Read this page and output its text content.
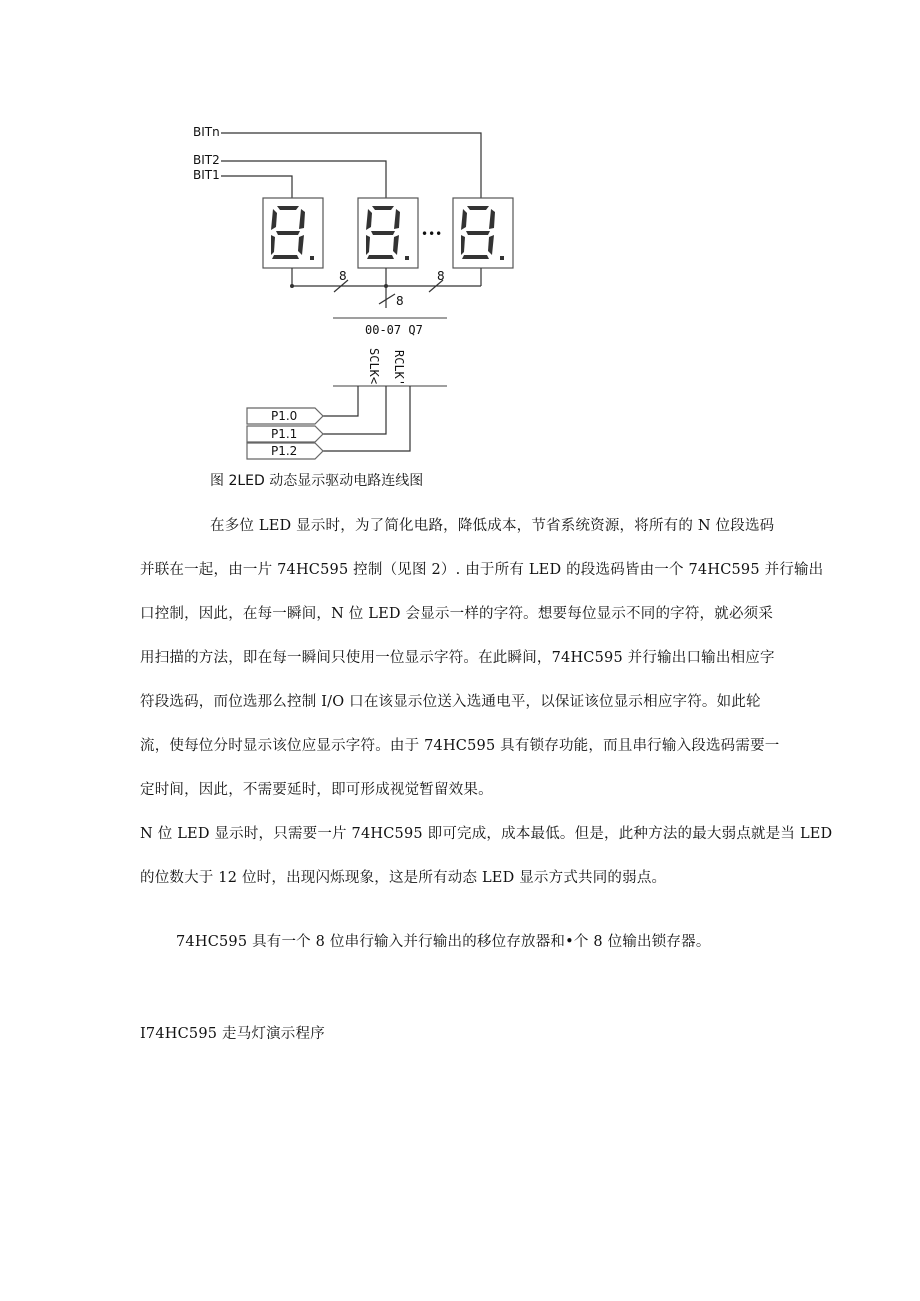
BITn
BIT2
BIT1
•••
8
8
8
00-07 Q7
SCLK< RCLK'
P1.0
P1.1
P1.2
图 2LED 动态显示驱动电路连线图
在多位 LED 显示时，为了简化电路，降低成本，节省系统资源，将所有的 N 位段选码
并联在一起，由一片 74HC595 控制（见图 2）. 由于所有 LED 的段选码皆由一个 74HC595 并行输出
口控制，因此，在每一瞬间，N 位 LED 会显示一样的字符。想要每位显示不同的字符，就必须采
用扫描的方法，即在每一瞬间只使用一位显示字符。在此瞬间，74HC595 并行输出口输出相应字
符段选码，而位选那么控制 I/O 口在该显示位送入选通电平，以保证该位显示相应字符。如此轮
流，使每位分时显示该位应显示字符。由于 74HC595 具有锁存功能，而且串行输入段选码需要一
定时间，因此，不需要延时，即可形成视觉暂留效果。
N 位 LED 显示时，只需要一片 74HC595 即可完成，成本最低。但是，此种方法的最大弱点就是当 LED
的位数大于 12 位时，出现闪烁现象，这是所有动态 LED 显示方式共同的弱点。
74HC595 具有一个 8 位串行输入并行输出的移位存放器和•个 8 位输出锁存器。
I74HC595 走马灯演示程序
